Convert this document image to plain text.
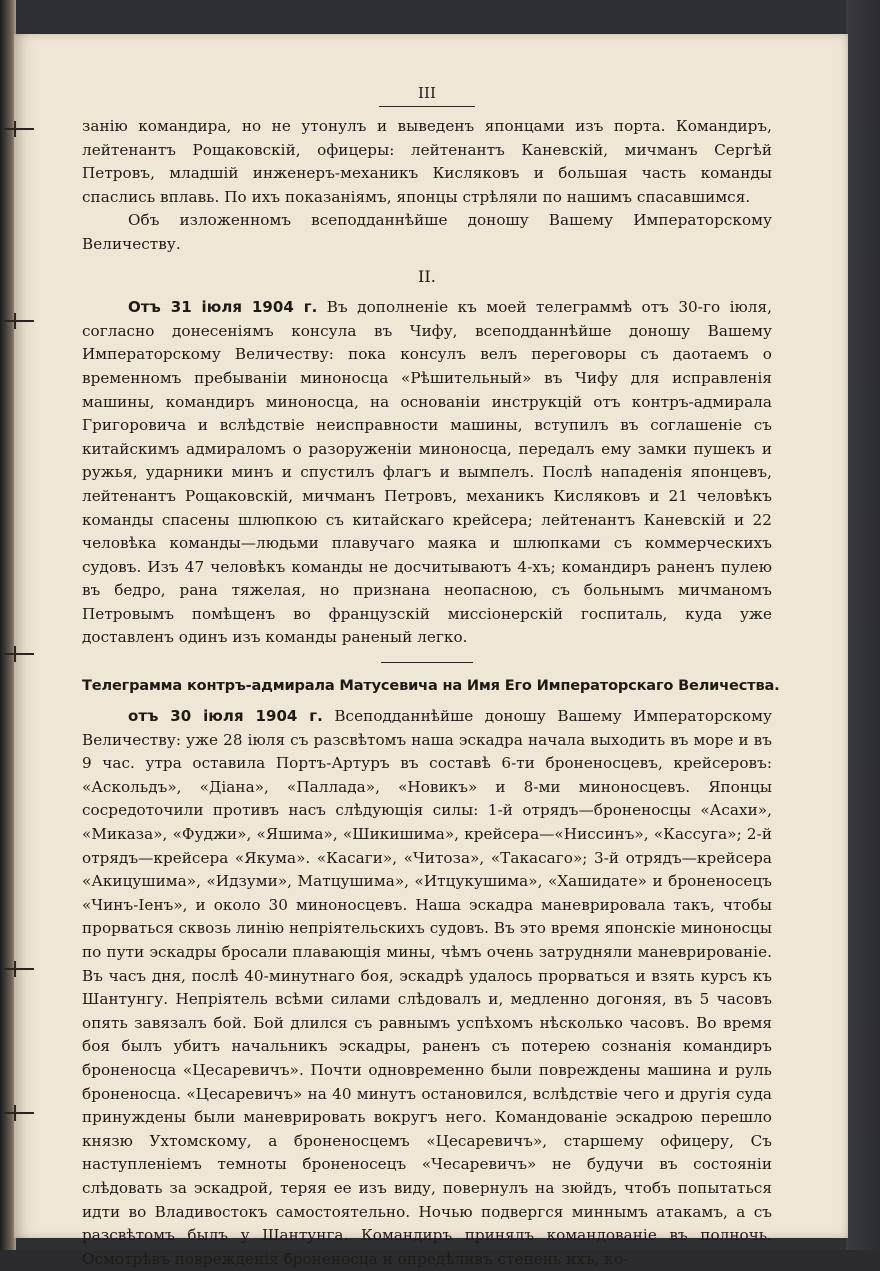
III

занію командира, но не утонулъ и выведенъ японцами изъ порта. Командиръ, лейтенантъ Рощаковскій, офицеры: лейтенантъ Каневскій, мичманъ Сергѣй Петровъ, младшій инженеръ-механикъ Кисляковъ и большая часть команды спаслись вплавь. По ихъ показаніямъ, японцы стрѣляли по нашимъ спасавшимся.

Объ изложенномъ всеподданнѣйше доношу Вашему Императорскому Величеству.

II.

Отъ 31 іюля 1904 г. Въ дополненіе къ моей телеграммѣ отъ 30-го іюля, согласно донесеніямъ консула въ Чифу, всеподданнѣйше доношу Вашему Императорскому Величеству: пока консулъ велъ переговоры съ даотаемъ о временномъ пребываніи миноносца «Рѣшительный» въ Чифу для исправленія машины, командиръ миноносца, на основаніи инструкцій отъ контръ-адмирала Григоровича и вслѣдствіе неисправности машины, вступилъ въ соглашеніе съ китайскимъ адмираломъ о разоруженіи миноносца, передалъ ему замки пушекъ и ружья, ударники минъ и спустилъ флагъ и вымпелъ. Послѣ нападенія японцевъ, лейтенантъ Рощаковскій, мичманъ Петровъ, механикъ Кисляковъ и 21 человѣкъ команды спасены шлюпкою съ китайскаго крейсера; лейтенантъ Каневскій и 22 человѣка команды—людьми плавучаго маяка и шлюпками съ коммерческихъ судовъ. Изъ 47 человѣкъ команды не досчитываютъ 4-хъ; командиръ раненъ пулею въ бедро, рана тяжелая, но признана неопасною, съ больнымъ мичманомъ Петровымъ помѣщенъ во французскій миссіонерскій госпиталь, куда уже доставленъ одинъ изъ команды раненый легко.

Телеграмма контръ-адмирала Матусевича на Имя Его Императорскаго Величества.

отъ 30 іюля 1904 г. Всеподданнѣйше доношу Вашему Императорскому Величеству: уже 28 іюля съ разсвѣтомъ наша эскадра начала выходить въ море и въ 9 час. утра оставила Портъ-Артуръ въ составѣ 6-ти броненосцевъ, крейсеровъ: «Аскольдъ», «Діана», «Паллада», «Новикъ» и 8-ми миноносцевъ. Японцы сосредоточили противъ насъ слѣдующія силы: 1-й отрядъ—броненосцы «Асахи», «Миказа», «Фуджи», «Яшима», «Шикишима», крейсера—«Ниссинъ», «Кассуга»; 2-й отрядъ—крейсера «Якума». «Касаги», «Читоза», «Такасаго»; 3-й отрядъ—крейсера «Акицушима», «Идзуми», Матцушима», «Итцукушима», «Хашидате» и броненосецъ «Чинъ-Іенъ», и около 30 миноносцевъ. Наша эскадра маневрировала такъ, чтобы прорваться сквозь линію непріятельскихъ судовъ. Въ это время японскіе миноносцы по пути эскадры бросали плавающія мины, чѣмъ очень затрудняли маневрированіе. Въ часъ дня, послѣ 40-минутнаго боя, эскадрѣ удалось прорваться и взять курсъ къ Шантунгу. Непріятель всѣми силами слѣдовалъ и, медленно догоняя, въ 5 часовъ опять завязалъ бой. Бой длился съ равнымъ успѣхомъ нѣсколько часовъ. Во время боя былъ убитъ начальникъ эскадры, раненъ съ потерею сознанія командиръ броненосца «Цесаревичъ». Почти одновременно были повреждены машина и руль броненосца. «Цесаревичъ» на 40 минутъ остановился, вслѣдствіе чего и другія суда принуждены были маневрировать вокругъ него. Командованіе эскадрою перешло князю Ухтомскому, а броненосцемъ «Цесаревичъ», старшему офицеру, Съ наступленіемъ темноты броненосецъ «Чесаревичъ» не будучи въ состояніи слѣдовать за эскадрой, теряя ее изъ виду, повернулъ на зюйдъ, чтобъ попытаться идти во Владивостокъ самостоятельно. Ночью подвергся миннымъ атакамъ, а съ разсвѣтомъ былъ у Шантунга. Командиръ принялъ командованіе въ полночь. Осмотрѣвъ поврежденія броненосца и опредѣливъ степень ихъ, ко-
